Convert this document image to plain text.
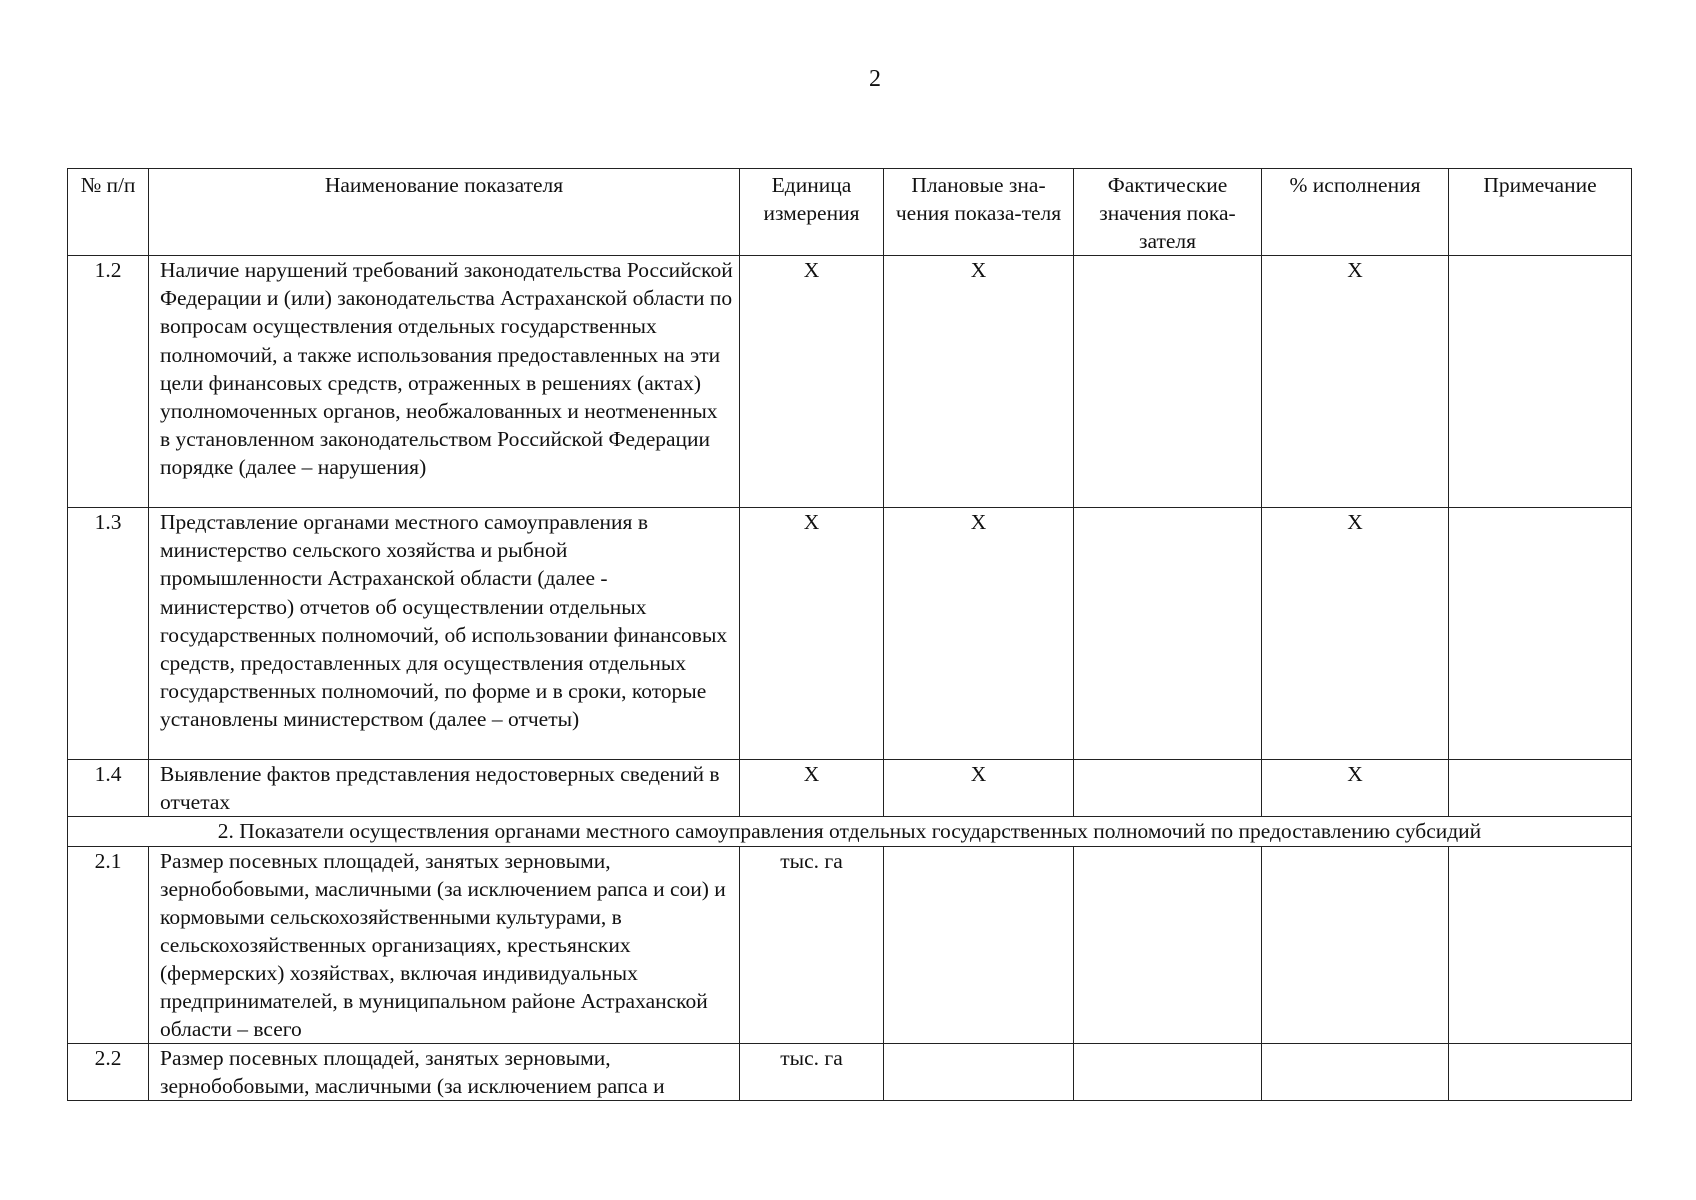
2
№ п/п	Наименование показателя	Единица измерения	Плановые зна-чения показа-теля	Фактические значения пока-зателя	% исполнения	Примечание
1.2	Наличие нарушений требований законодательства Российской Федерации и (или) законодательства Астраханской области по вопросам осуществления отдельных государственных полномочий, а также использования предоставленных на эти цели финансовых средств, отраженных в решениях (актах) уполномоченных органов, необжалованных и неотмененных в установленном законодательством Российской Федерации порядке (далее – нарушения)	Х	Х		Х	
1.3	Представление органами местного самоуправления в министерство сельского хозяйства и рыбной промышленности Астраханской области (далее - министерство) отчетов об осуществлении отдельных государственных полномочий, об использовании финансовых средств, предоставленных для осуществления отдельных государственных полномочий, по форме и в сроки, которые установлены министерством (далее – отчеты)	Х	Х		Х	
1.4	Выявление фактов представления недостоверных сведений в отчетах	Х	Х		Х	
2. Показатели осуществления органами местного самоуправления отдельных государственных полномочий по предоставлению субсидий						
2.1	Размер посевных площадей, занятых зерновыми, зернобобовыми, масличными (за исключением рапса и сои) и кормовыми сельскохозяйственными культурами, в сельскохозяйственных организациях, крестьянских (фермерских) хозяйствах, включая индивидуальных предпринимателей, в муниципальном районе Астраханской области – всего	тыс. га				
2.2	Размер посевных площадей, занятых зерновыми, зернобобовыми, масличными (за исключением рапса и	тыс. га				
